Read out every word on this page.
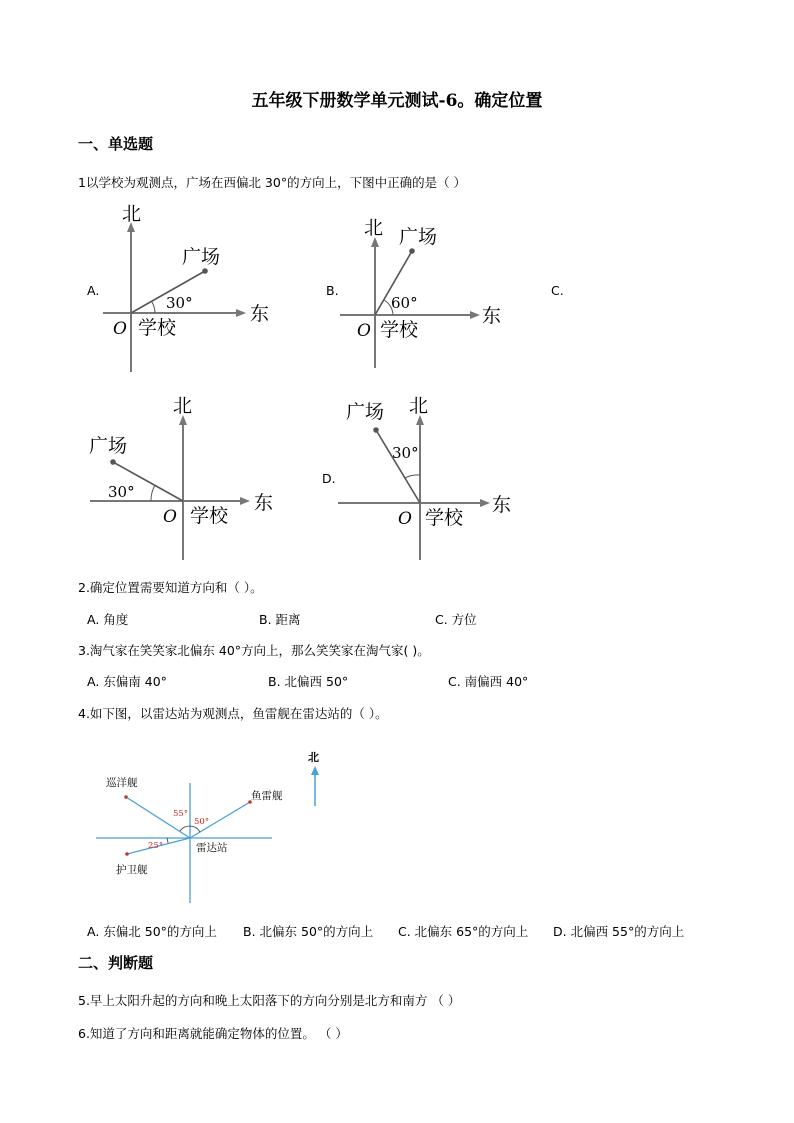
五年级下册数学单元测试-6。确定位置
一、单选题
1以学校为观测点，广场在西偏北 30°的方向上，下图中正确的是（ ）
A.	B.	C.
D.
北
广场
30°	东
O 学校
北 广场
60°
东
O 学校
北
广场
30°	东
O 学校
北
广场
30°
东
O 学校
2.确定位置需要知道方向和（ ）。
A. 角度	B. 距离	C. 方位
3.淘气家在笑笑家北偏东 40°方向上，那么笑笑家在淘气家( )。
A. 东偏南 40°	B. 北偏西 50°	C. 南偏西 40°
4.如下图，以雷达站为观测点，鱼雷舰在雷达站的（ ）。
巡洋舰
鱼雷舰
雷达站
护卫舰
55°
50°
25°
北
A. 东偏北 50°的方向上 B. 北偏东 50°的方向上 C. 北偏东 65°的方向上 D. 北偏西 55°的方向上
二、判断题
5.早上太阳升起的方向和晚上太阳落下的方向分别是北方和南方 （ ）
6.知道了方向和距离就能确定物体的位置。 （ ）
